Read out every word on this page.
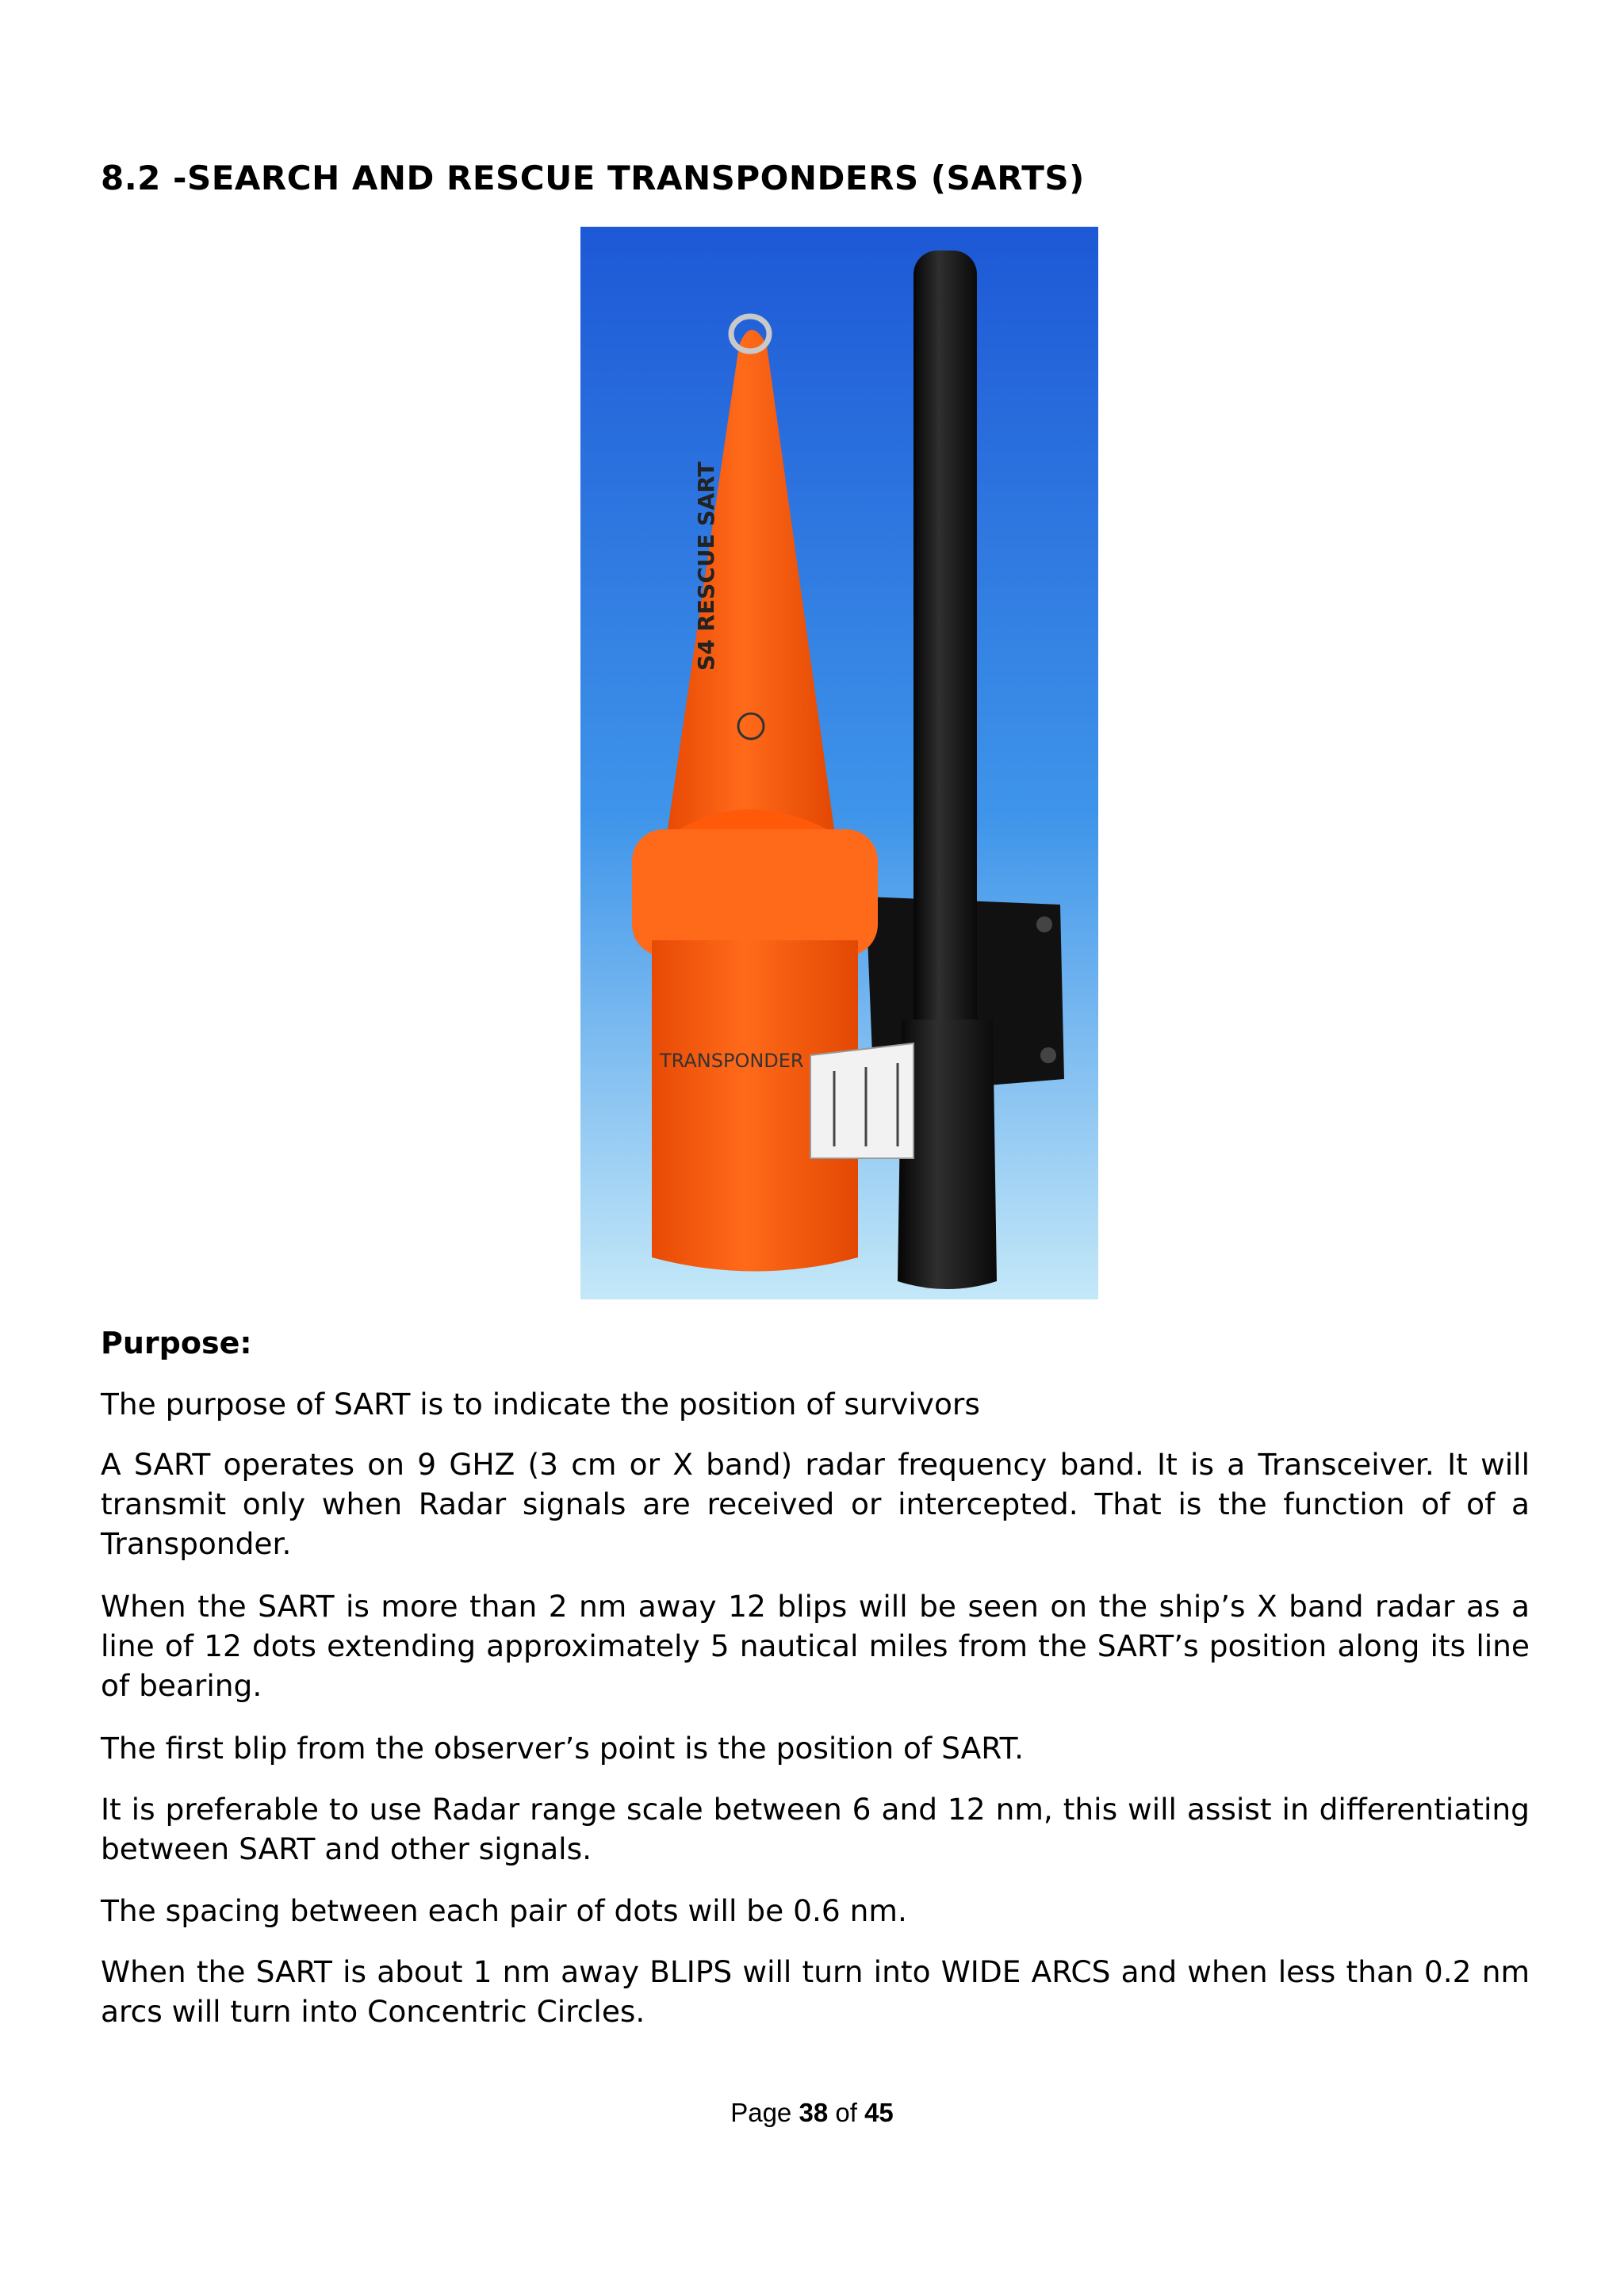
8.2 -SEARCH AND RESCUE TRANSPONDERS (SARTS)
S4 RESCUE SART
TRANSPONDER
Purpose:

The purpose of SART is to indicate the position of survivors

A SART operates on 9 GHZ (3 cm or X band) radar frequency band. It is a Transceiver. It will transmit only when Radar signals are received or intercepted. That is the function of of a Transponder.

When the SART is more than 2 nm away 12 blips will be seen on the ship’s X band radar as a line of 12 dots extending approximately 5 nautical miles from the SART’s position along its line of bearing.

The first blip from the observer’s point is the position of SART.

It is preferable to use Radar range scale between 6 and 12 nm, this will assist in differentiating between SART and other signals.

The spacing between each pair of dots will be 0.6 nm.

When the SART is about 1 nm away BLIPS will turn into WIDE ARCS and when less than 0.2 nm arcs will turn into Concentric Circles.

Page 38 of 45
